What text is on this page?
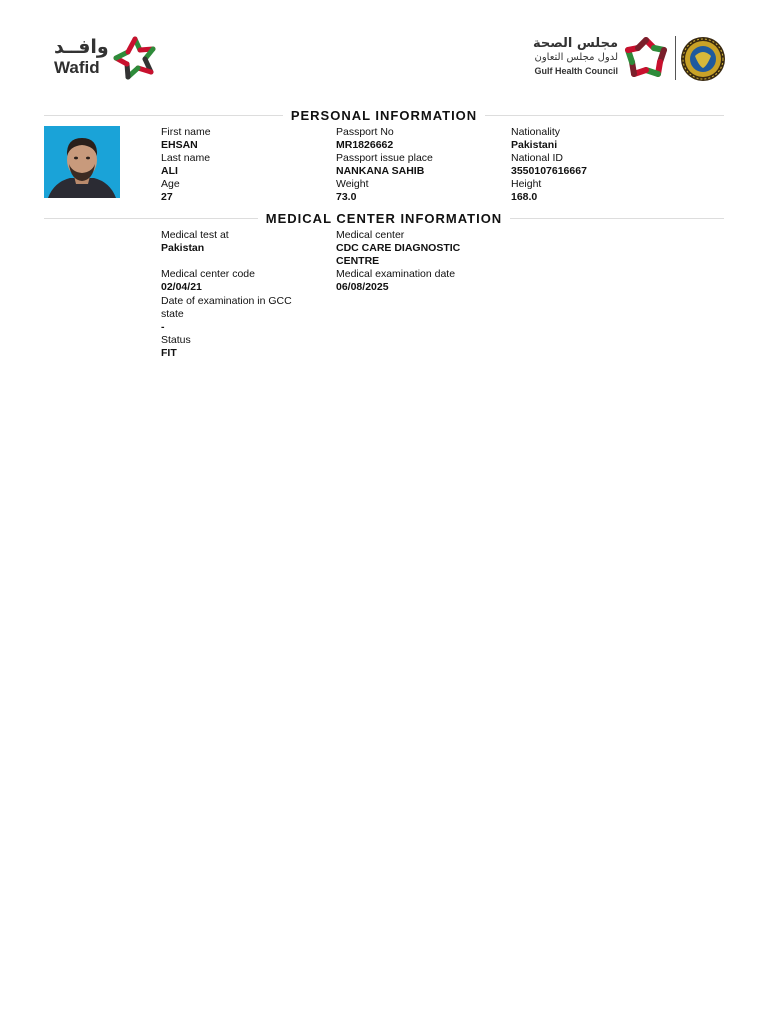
وافــد
Wafid
مجلس الصحة
لدول مجلس التعاون
Gulf Health Council
PERSONAL INFORMATION
First name
EHSAN
Passport No
MR1826662
Nationality
Pakistani
Last name
ALI
Passport issue place
NANKANA SAHIB
National ID
3550107616667
Age
27
Weight
73.0
Height
168.0
MEDICAL CENTER INFORMATION
Medical test at
Pakistan
Medical center
CDC CARE DIAGNOSTIC CENTRE
Medical center code
02/04/21
Medical examination date
06/08/2025
Date of examination in GCC state
-
Status
FIT
